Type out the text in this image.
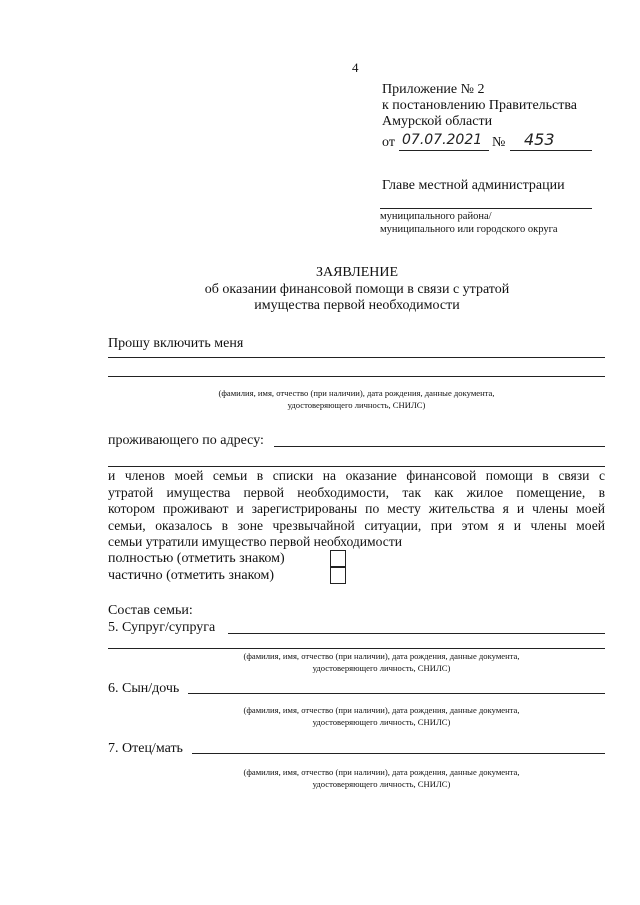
4
Приложение № 2
к постановлению Правительства
Амурской области
от 07.07.2021 № 453
Главе местной администрации
муниципального района/
муниципального или городского округа
ЗАЯВЛЕНИЕ
об оказании финансовой помощи в связи с утратой
имущества первой необходимости
Прошу включить меня
(фамилия, имя, отчество (при наличии), дата рождения, данные документа,
удостоверяющего личность, СНИЛС)
проживающего по адресу:
и членов моей семьи в списки на оказание финансовой помощи в связи с
утратой имущества первой необходимости, так как жилое помещение, в
котором проживают и зарегистрированы по месту жительства я и члены моей
семьи, оказалось в зоне чрезвычайной ситуации, при этом я и члены моей
семьи утратили имущество первой необходимости
полностью (отметить знаком)
частично (отметить знаком)
Состав семьи:
5. Супруг/супруга
(фамилия, имя, отчество (при наличии), дата рождения, данные документа,
удостоверяющего личность, СНИЛС)
6. Сын/дочь
(фамилия, имя, отчество (при наличии), дата рождения, данные документа,
удостоверяющего личность, СНИЛС)
7. Отец/мать
(фамилия, имя, отчество (при наличии), дата рождения, данные документа,
удостоверяющего личность, СНИЛС)
